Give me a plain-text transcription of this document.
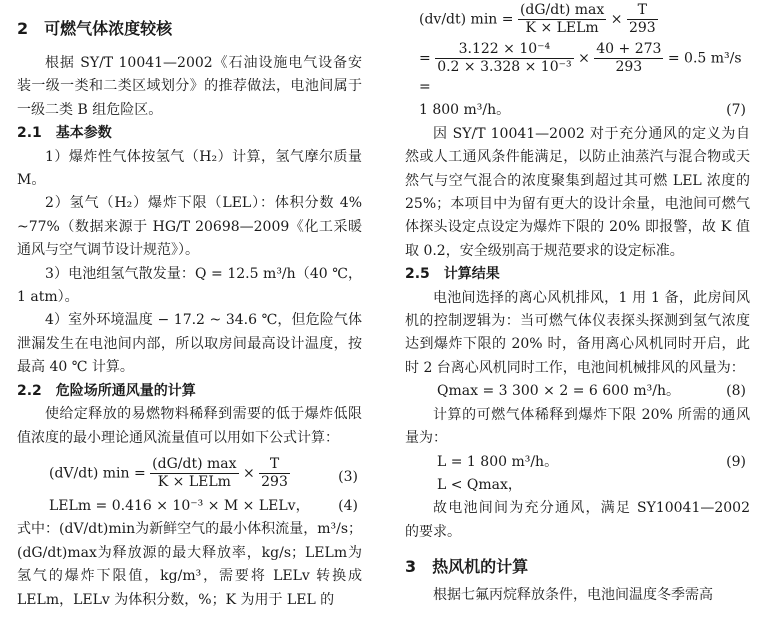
2　可燃气体浓度较核

根据 SY/T 10041—2002《石油设施电气设备安装一级一类和二类区域划分》的推荐做法，电池间属于一级二类 B 组危险区。

2.1　基本参数

1）爆炸性气体按氢气（H₂）计算，氢气摩尔质量 M。

2）氢气（H₂）爆炸下限（LEL）：体积分数 4% ~77%（数据来源于 HG/T 20698—2009《化工采暖通风与空气调节设计规范》）。

3）电池组氢气散发量：Q = 12.5 m³/h（40 ℃，1 atm）。

4）室外环境温度 − 17.2 ~ 34.6 ℃，但危险气体泄漏发生在电池间内部，所以取房间最高设计温度，按最高 40 ℃ 计算。

2.2　危险场所通风量的计算

使给定释放的易燃物料稀释到需要的低于爆炸低限值浓度的最小理论通风流量值可以用如下公式计算：

(dV/dt) $\min = \frac{(dG/dt) \max}{\text{K × LELm}} \times \frac{T}{293}$	(3)
LELm = 0.416 × 10⁻³ × M × LELv， (4)

式中：(dV/dt)min为新鲜空气的最小体积流量，m³/s；(dG/dt)max为释放源的最大释放率，kg/s；LELm为氢气的爆炸下限值，kg/m³，需要将 LELv 转换成 LELm，LELv 为体积分数，%；K 为用于 LEL 的

(dv/dt) $\min = \frac{(dG/dt) \max}{\text{K × LELm}} \times \frac{T}{293}$
= $\frac{\text{3.122 × 10⁻⁴}}{\text{0.2 × 3.328 × 10⁻³}} \times \frac{40 + 273}{293} = 0.5$ m³/s =
1 800 m³/h。	(7)

因 SY/T 10041—2002 对于充分通风的定义为自然或人工通风条件能满足，以防止油蒸汽与混合物或天然气与空气混合的浓度聚集到超过其可燃 LEL 浓度的 25%；本项目中为留有更大的设计余量，电池间可燃气体探头设定点设定为爆炸下限的 20% 即报警，故 K 值取 0.2，安全级别高于规范要求的设定标准。

2.5　计算结果

电池间选择的离心风机排风，1 用 1 备，此房间风机的控制逻辑为：当可燃气体仪表探头探测到氢气浓度达到爆炸下限的 20% 时，备用离心风机同时开启，此时 2 台离心风机同时工作，电池间机械排风的风量为：

Qmax = 3 300 × 2 = 6 600 m³/h。	(8)

计算的可燃气体稀释到爆炸下限 20% 所需的通风量为：

L = 1 800 m³/h。	(9)
L < Qmax，

故电池间间为充分通风，满足 SY10041—2002 的要求。

3　热风机的计算

根据七氟丙烷释放条件，电池间温度冬季需高
